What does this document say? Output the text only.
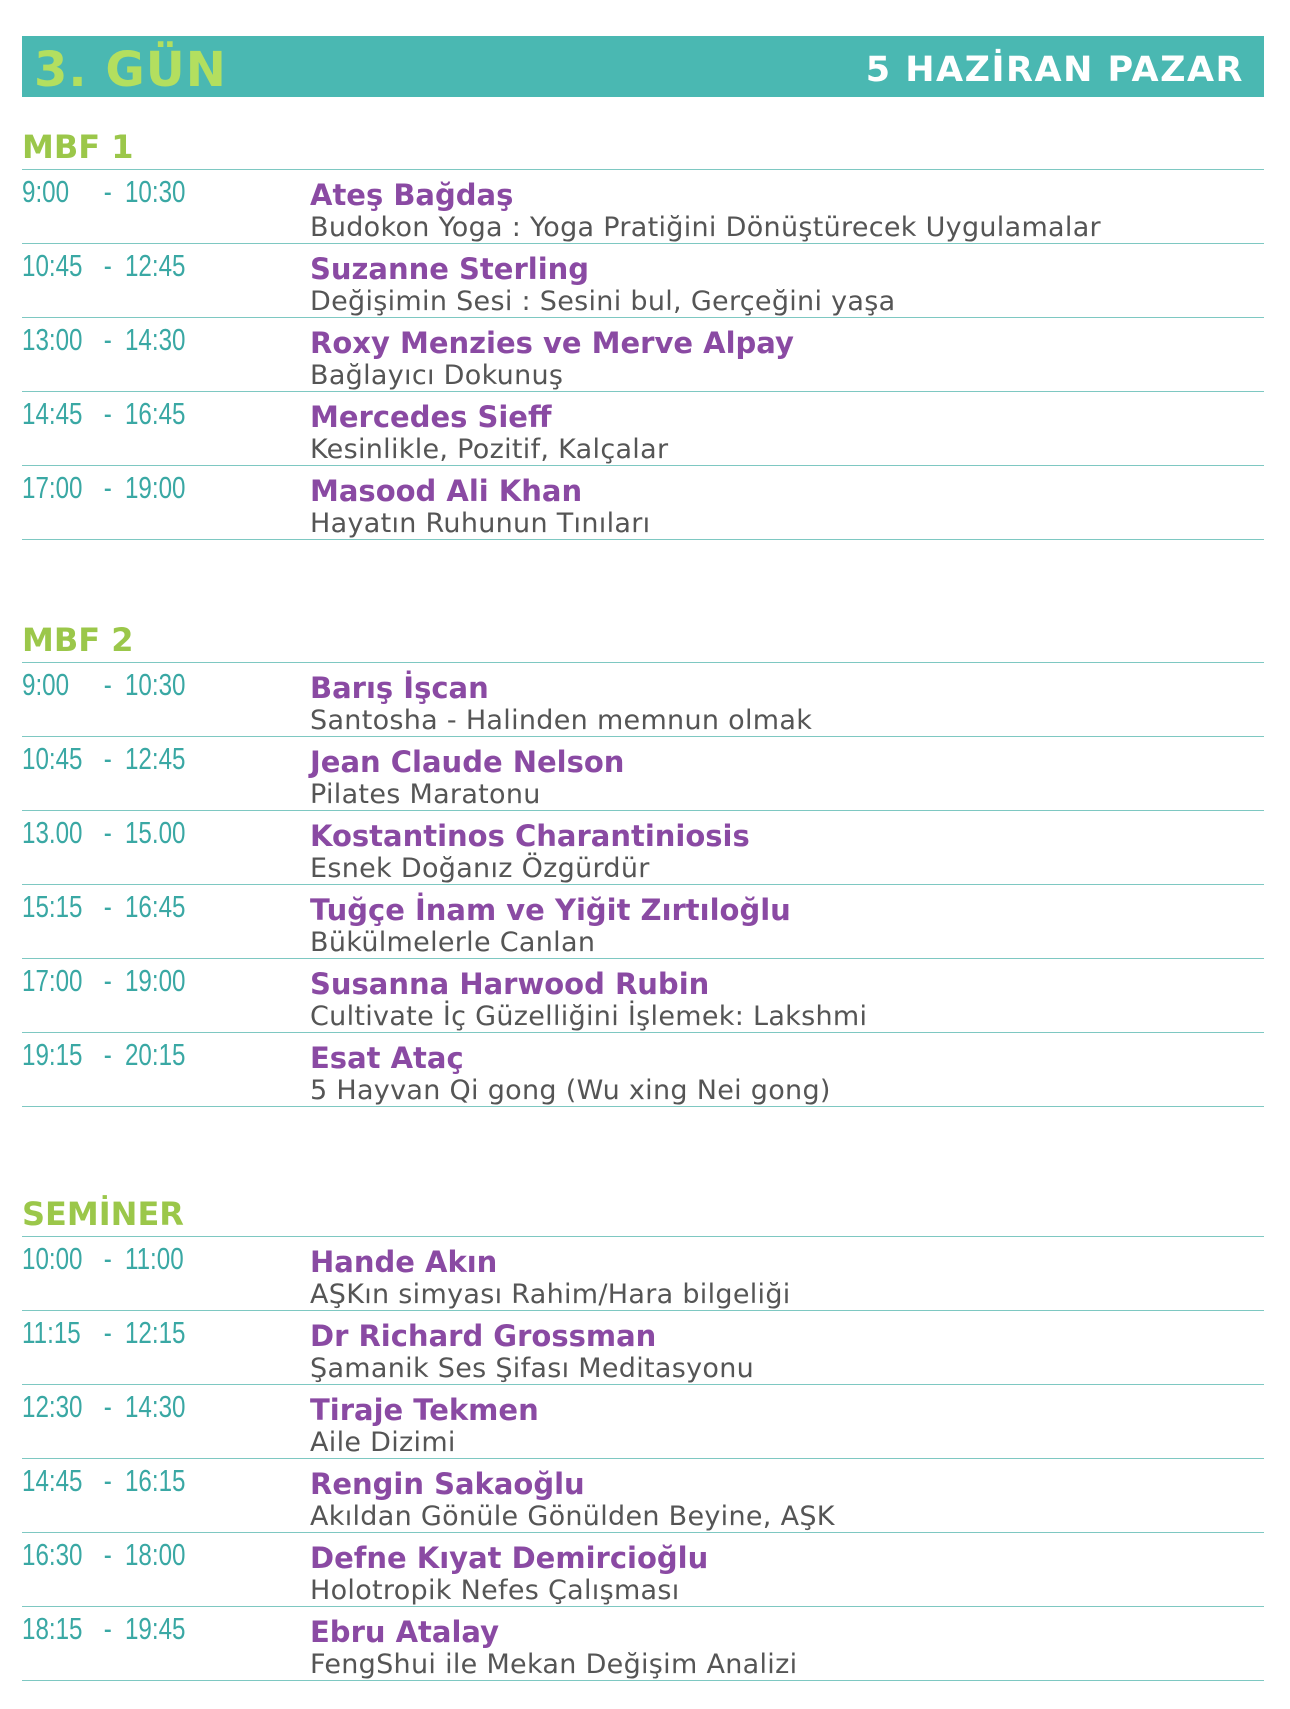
3. GÜN	5 HAZİRAN PAZAR
MBF 1
9:00 - 10:30	Ateş Bağdaş
Budokon Yoga : Yoga Pratiğini Dönüştürecek Uygulamalar
10:45 - 12:45	Suzanne Sterling
Değişimin Sesi : Sesini bul, Gerçeğini yaşa
13:00 - 14:30	Roxy Menzies ve Merve Alpay
Bağlayıcı Dokunuş
14:45 - 16:45	Mercedes Sieff
Kesinlikle, Pozitif, Kalçalar
17:00 - 19:00	Masood Ali Khan
Hayatın Ruhunun Tınıları
MBF 2
9:00 - 10:30	Barış İşcan
Santosha - Halinden memnun olmak
10:45 - 12:45	Jean Claude Nelson
Pilates Maratonu
13.00 - 15.00	Kostantinos Charantiniosis
Esnek Doğanız Özgürdür
15:15 - 16:45	Tuğçe İnam ve Yiğit Zırtıloğlu
Bükülmelerle Canlan
17:00 - 19:00	Susanna Harwood Rubin
Cultivate İç Güzelliğini İşlemek: Lakshmi
19:15 - 20:15	Esat Ataç
5 Hayvan Qi gong (Wu xing Nei gong)
SEMİNER
10:00 - 11:00	Hande Akın
AŞKın simyası Rahim/Hara bilgeliği
11:15 - 12:15	Dr Richard Grossman
Şamanik Ses Şifası Meditasyonu
12:30 - 14:30	Tiraje Tekmen
Aile Dizimi
14:45 - 16:15	Rengin Sakaoğlu
Akıldan Gönüle Gönülden Beyine, AŞK
16:30 - 18:00	Defne Kıyat Demircioğlu
Holotropik Nefes Çalışması
18:15 - 19:45	Ebru Atalay
FengShui ile Mekan Değişim Analizi
